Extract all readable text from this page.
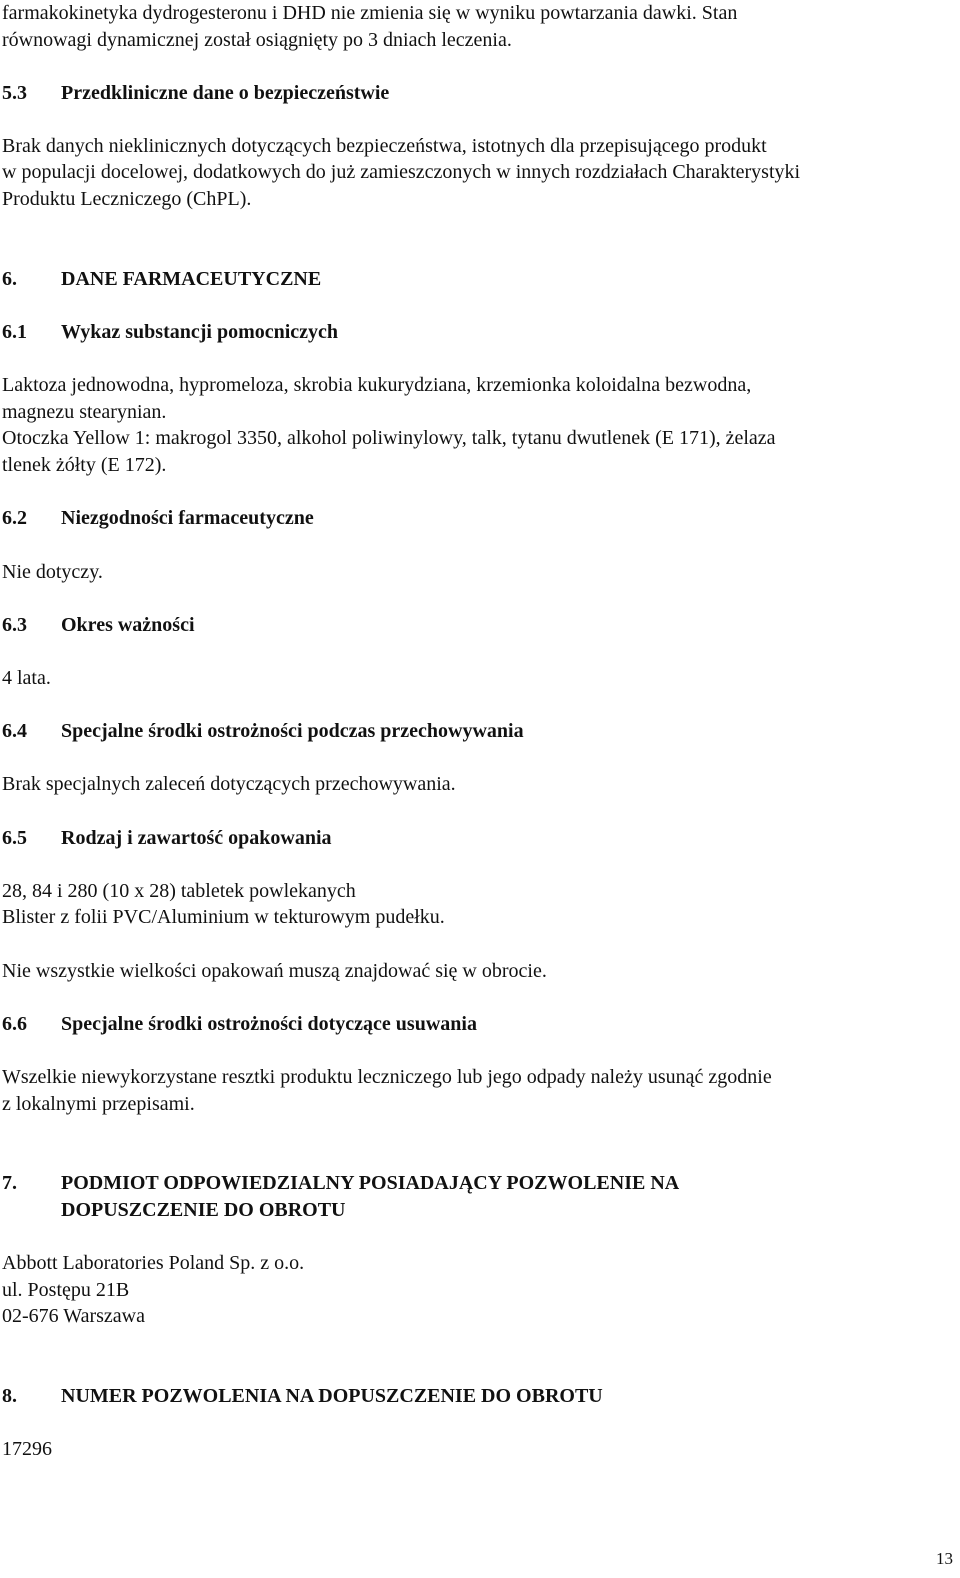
farmakokinetyka dydrogesteronu i DHD nie zmienia się w wyniku powtarzania dawki. Stan

równowagi dynamicznej został osiągnięty po 3 dniach leczenia.

5.3 Przedkliniczne dane o bezpieczeństwie

Brak danych nieklinicznych dotyczących bezpieczeństwa, istotnych dla przepisującego produkt

w populacji docelowej, dodatkowych do już zamieszczonych w innych rozdziałach Charakterystyki

Produktu Leczniczego (ChPL).

6. DANE FARMACEUTYCZNE

6.1 Wykaz substancji pomocniczych

Laktoza jednowodna, hypromeloza, skrobia kukurydziana, krzemionka koloidalna bezwodna,

magnezu stearynian.

Otoczka Yellow 1: makrogol 3350, alkohol poliwinylowy, talk, tytanu dwutlenek (E 171), żelaza

tlenek żółty (E 172).

6.2 Niezgodności farmaceutyczne

Nie dotyczy.

6.3 Okres ważności

4 lata.

6.4 Specjalne środki ostrożności podczas przechowywania

Brak specjalnych zaleceń dotyczących przechowywania.

6.5 Rodzaj i zawartość opakowania

28, 84 i 280 (10 x 28) tabletek powlekanych

Blister z folii PVC/Aluminium w tekturowym pudełku.

Nie wszystkie wielkości opakowań muszą znajdować się w obrocie.

6.6 Specjalne środki ostrożności dotyczące usuwania

Wszelkie niewykorzystane resztki produktu leczniczego lub jego odpady należy usunąć zgodnie

z lokalnymi przepisami.

7. PODMIOT ODPOWIEDZIALNY POSIADAJĄCY POZWOLENIE NA

DOPUSZCZENIE DO OBROTU

Abbott Laboratories Poland Sp. z o.o.

ul. Postępu 21B

02-676 Warszawa

8. NUMER POZWOLENIA NA DOPUSZCZENIE DO OBROTU

17296

13
